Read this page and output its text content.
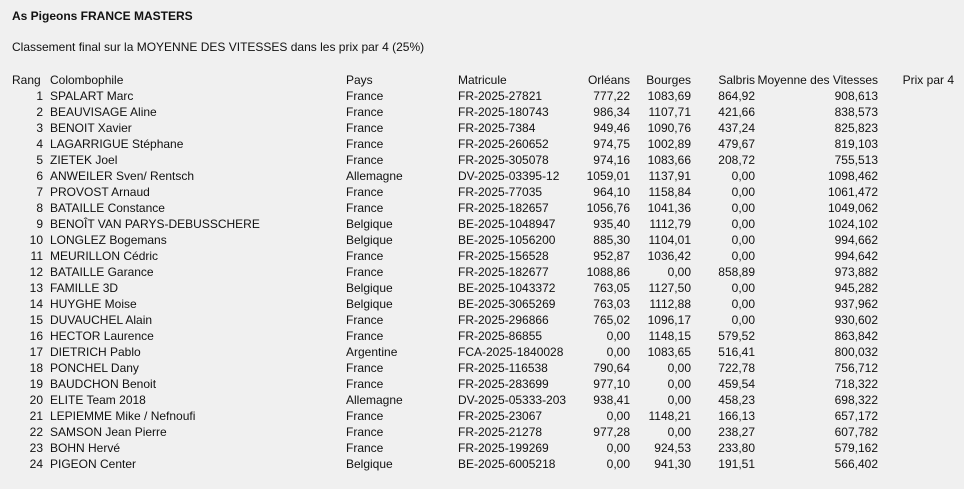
As Pigeons FRANCE MASTERS
Classement final sur la MOYENNE DES VITESSES dans les prix par 4 (25%)
Rang Colombophile	Pays	Matricule	Orléans Bourges Salbris Moyenne des Vitesses Prix par 4
1 SPALART Marc	France	FR-2025-27821	777,22 1083,69 864,92	908,613
2 BEAUVISAGE Aline	France	FR-2025-180743	986,34 1107,71 421,66	838,573
3 BENOIT Xavier	France	FR-2025-7384	949,46 1090,76 437,24	825,823
4 LAGARRIGUE Stéphane	France	FR-2025-260652	974,75 1002,89 479,67	819,103
5 ZIETEK Joel	France	FR-2025-305078	974,16 1083,66 208,72	755,513
6 ANWEILER Sven/ Rentsch	Allemagne	DV-2025-03395-12 1059,01 1137,91	0,00	1098,462
7 PROVOST Arnaud	France	FR-2025-77035	964,10 1158,84	0,00	1061,472
8 BATAILLE Constance	France	FR-2025-182657	1056,76 1041,36	0,00	1049,062
9 BENOÎT VAN PARYS-DEBUSSCHERE	Belgique	BE-2025-1048947	935,40 1112,79	0,00	1024,102
10 LONGLEZ Bogemans	Belgique	BE-2025-1056200	885,30 1104,01	0,00	994,662
11 MEURILLON Cédric	France	FR-2025-156528	952,87 1036,42	0,00	994,642
12 BATAILLE Garance	France	FR-2025-182677	1088,86	0,00 858,89	973,882
13 FAMILLE 3D	Belgique	BE-2025-1043372	763,05 1127,50	0,00	945,282
14 HUYGHE Moise	Belgique	BE-2025-3065269	763,03 1112,88	0,00	937,962
15 DUVAUCHEL Alain	France	FR-2025-296866	765,02 1096,17	0,00	930,602
16 HECTOR Laurence	France	FR-2025-86855	0,00 1148,15 579,52	863,842
17 DIETRICH Pablo	Argentine	FCA-2025-1840028	0,00 1083,65 516,41	800,032
18 PONCHEL Dany	France	FR-2025-116538	790,64	0,00 722,78	756,712
19 BAUDCHON Benoit	France	FR-2025-283699	977,10	0,00 459,54	718,322
20 ELITE Team 2018	Allemagne	DV-2025-05333-203 938,41	0,00 458,23	698,322
21 LEPIEMME Mike / Nefnoufi	France	FR-2025-23067	0,00 1148,21 166,13	657,172
22 SAMSON Jean Pierre	France	FR-2025-21278	977,28	0,00 238,27	607,782
23 BOHN Hervé	France	FR-2025-199269	0,00 924,53 233,80	579,162
24 PIGEON Center	Belgique	BE-2025-6005218	0,00 941,30 191,51	566,402
